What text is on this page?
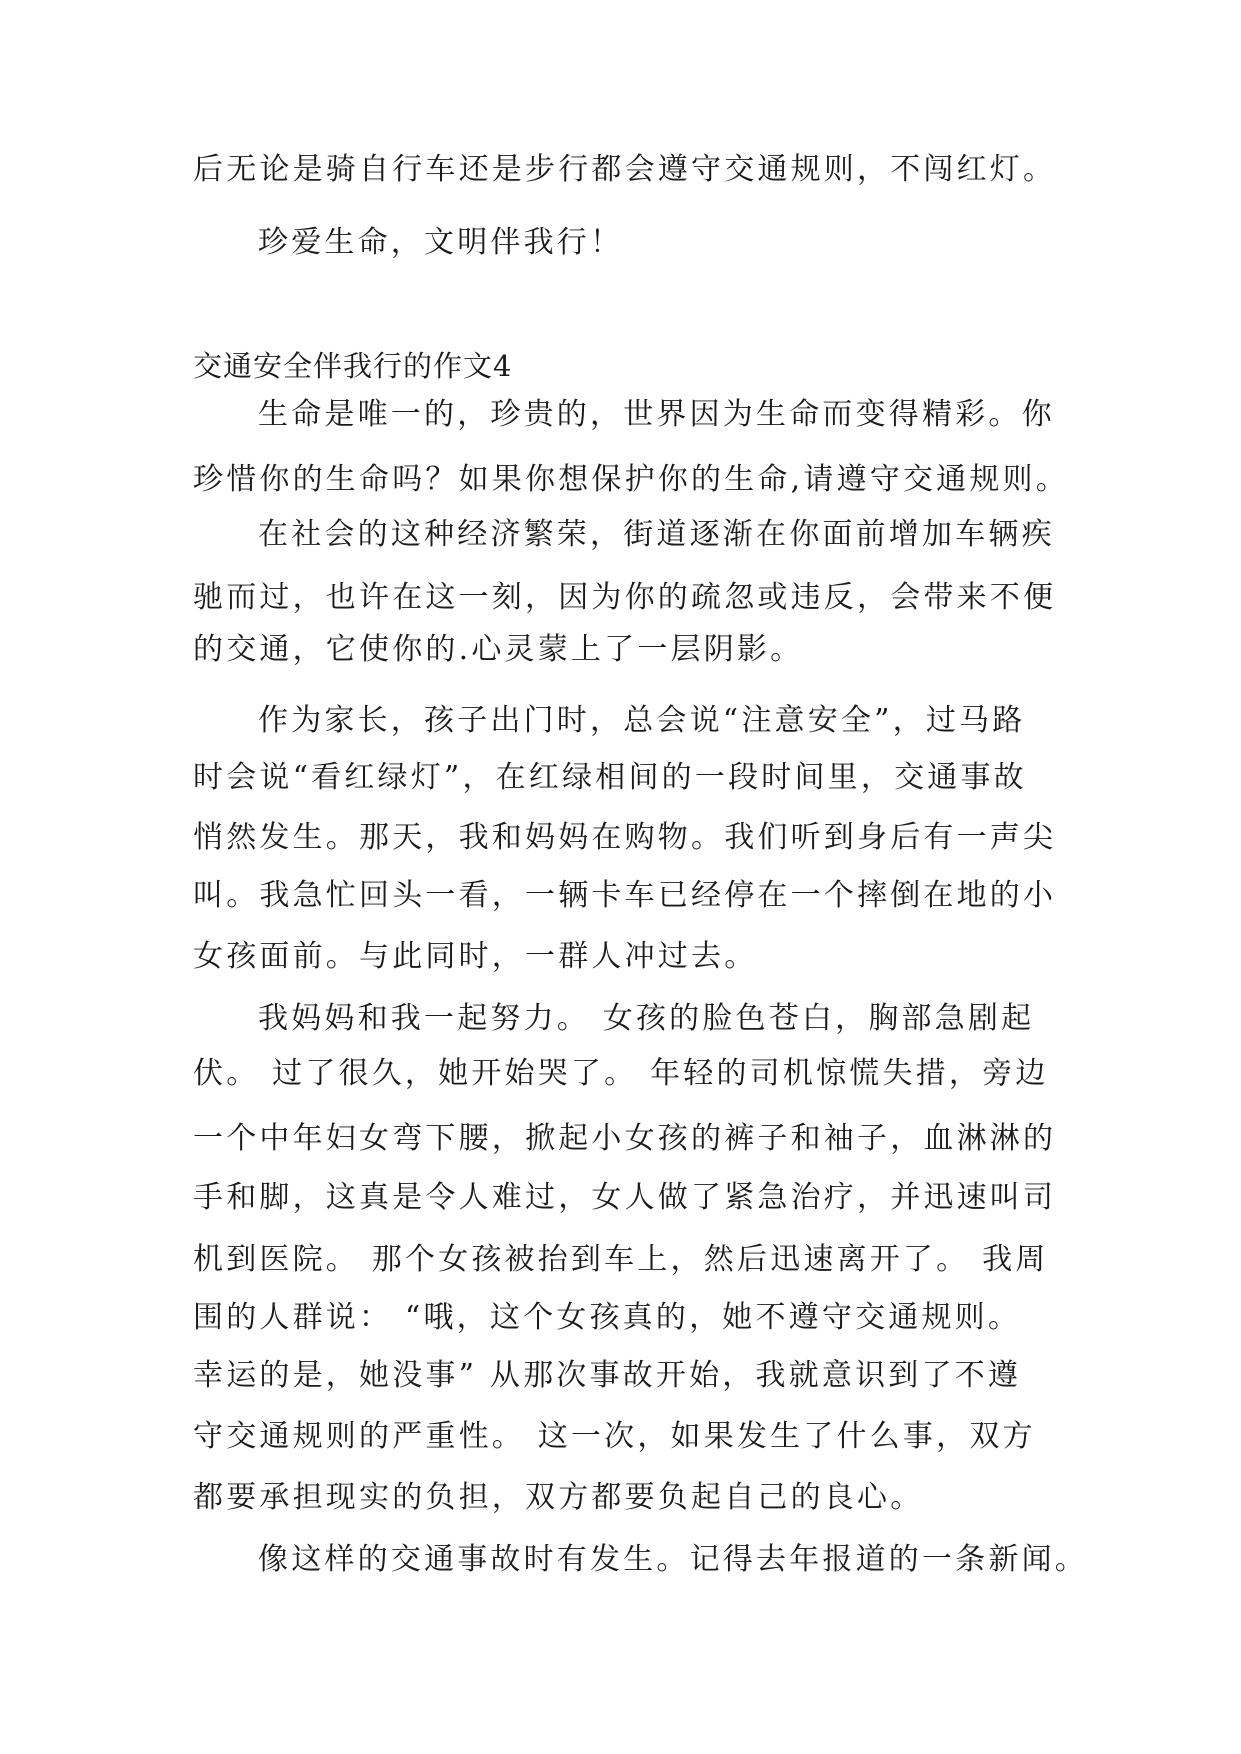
后无论是骑自行车还是步行都会遵守交通规则，不闯红灯。
珍爱生命，文明伴我行！
交通安全伴我行的作文4
生命是唯一的，珍贵的，世界因为生命而变得精彩。你
珍惜你的生命吗？如果你想保护你的生命,请遵守交通规则。
在社会的这种经济繁荣，街道逐渐在你面前增加车辆疾
驰而过，也许在这一刻，因为你的疏忽或违反，会带来不便
的交通，它使你的.心灵蒙上了一层阴影。
作为家长，孩子出门时，总会说“注意安全”，过马路
时会说“看红绿灯”，在红绿相间的一段时间里，交通事故
悄然发生。那天，我和妈妈在购物。我们听到身后有一声尖
叫。我急忙回头一看，一辆卡车已经停在一个摔倒在地的小
女孩面前。与此同时，一群人冲过去。
我妈妈和我一起努力。 女孩的脸色苍白，胸部急剧起
伏。 过了很久，她开始哭了。 年轻的司机惊慌失措，旁边
一个中年妇女弯下腰，掀起小女孩的裤子和袖子，血淋淋的
手和脚，这真是令人难过，女人做了紧急治疗，并迅速叫司
机到医院。 那个女孩被抬到车上，然后迅速离开了。 我周
围的人群说： “哦，这个女孩真的，她不遵守交通规则。
幸运的是，她没事” 从那次事故开始，我就意识到了不遵
守交通规则的严重性。 这一次，如果发生了什么事，双方
都要承担现实的负担，双方都要负起自己的良心。
像这样的交通事故时有发生。记得去年报道的一条新闻。
